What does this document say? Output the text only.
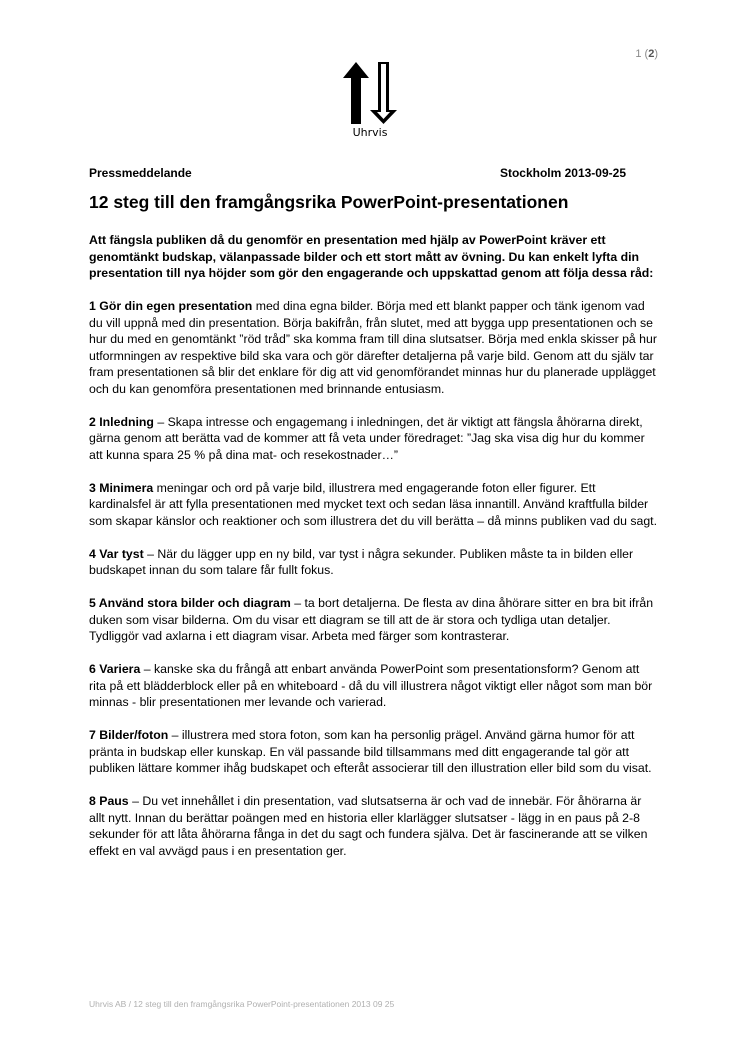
1 (2)
Uhrvis
Pressmeddelande	Stockholm 2013-09-25
12 steg till den framgångsrika PowerPoint-presentationen

Att fängsla publiken då du genomför en presentation med hjälp av PowerPoint kräver ett genomtänkt budskap, välanpassade bilder och ett stort mått av övning. Du kan enkelt lyfta din presentation till nya höjder som gör den engagerande och uppskattad genom att följa dessa råd:

1 Gör din egen presentation med dina egna bilder. Börja med ett blankt papper och tänk igenom vad du vill uppnå med din presentation. Börja bakifrån, från slutet, med att bygga upp presentationen och se hur du med en genomtänkt ”röd tråd” ska komma fram till dina slutsatser. Börja med enkla skisser på hur utformningen av respektive bild ska vara och gör därefter detaljerna på varje bild. Genom att du själv tar fram presentationen så blir det enklare för dig att vid genomförandet minnas hur du planerade upplägget och du kan genomföra presentationen med brinnande entusiasm.

2 Inledning – Skapa intresse och engagemang i inledningen, det är viktigt att fängsla åhörarna direkt, gärna genom att berätta vad de kommer att få veta under föredraget: ”Jag ska visa dig hur du kommer att kunna spara 25 % på dina mat- och resekostnader…”

3 Minimera meningar och ord på varje bild, illustrera med engagerande foton eller figurer. Ett kardinalsfel är att fylla presentationen med mycket text och sedan läsa innantill. Använd kraftfulla bilder som skapar känslor och reaktioner och som illustrera det du vill berätta – då minns publiken vad du sagt.

4 Var tyst – När du lägger upp en ny bild, var tyst i några sekunder. Publiken måste ta in bilden eller budskapet innan du som talare får fullt fokus.

5 Använd stora bilder och diagram – ta bort detaljerna. De flesta av dina åhörare sitter en bra bit ifrån duken som visar bilderna. Om du visar ett diagram se till att de är stora och tydliga utan detaljer. Tydliggör vad axlarna i ett diagram visar. Arbeta med färger som kontrasterar.

6 Variera – kanske ska du frångå att enbart använda PowerPoint som presentationsform? Genom att rita på ett blädderblock eller på en whiteboard - då du vill illustrera något viktigt eller något som man bör minnas - blir presentationen mer levande och varierad.

7 Bilder/foton – illustrera med stora foton, som kan ha personlig prägel. Använd gärna humor för att pränta in budskap eller kunskap. En väl passande bild tillsammans med ditt engagerande tal gör att publiken lättare kommer ihåg budskapet och efteråt associerar till den illustration eller bild som du visat.

8 Paus – Du vet innehållet i din presentation, vad slutsatserna är och vad de innebär. För åhörarna är allt nytt. Innan du berättar poängen med en historia eller klarlägger slutsatser - lägg in en paus på 2-8 sekunder för att låta åhörarna fånga in det du sagt och fundera själva. Det är fascinerande att se vilken effekt en val avvägd paus i en presentation ger.

Uhrvis AB / 12 steg till den framgångsrika PowerPoint-presentationen 2013 09 25
